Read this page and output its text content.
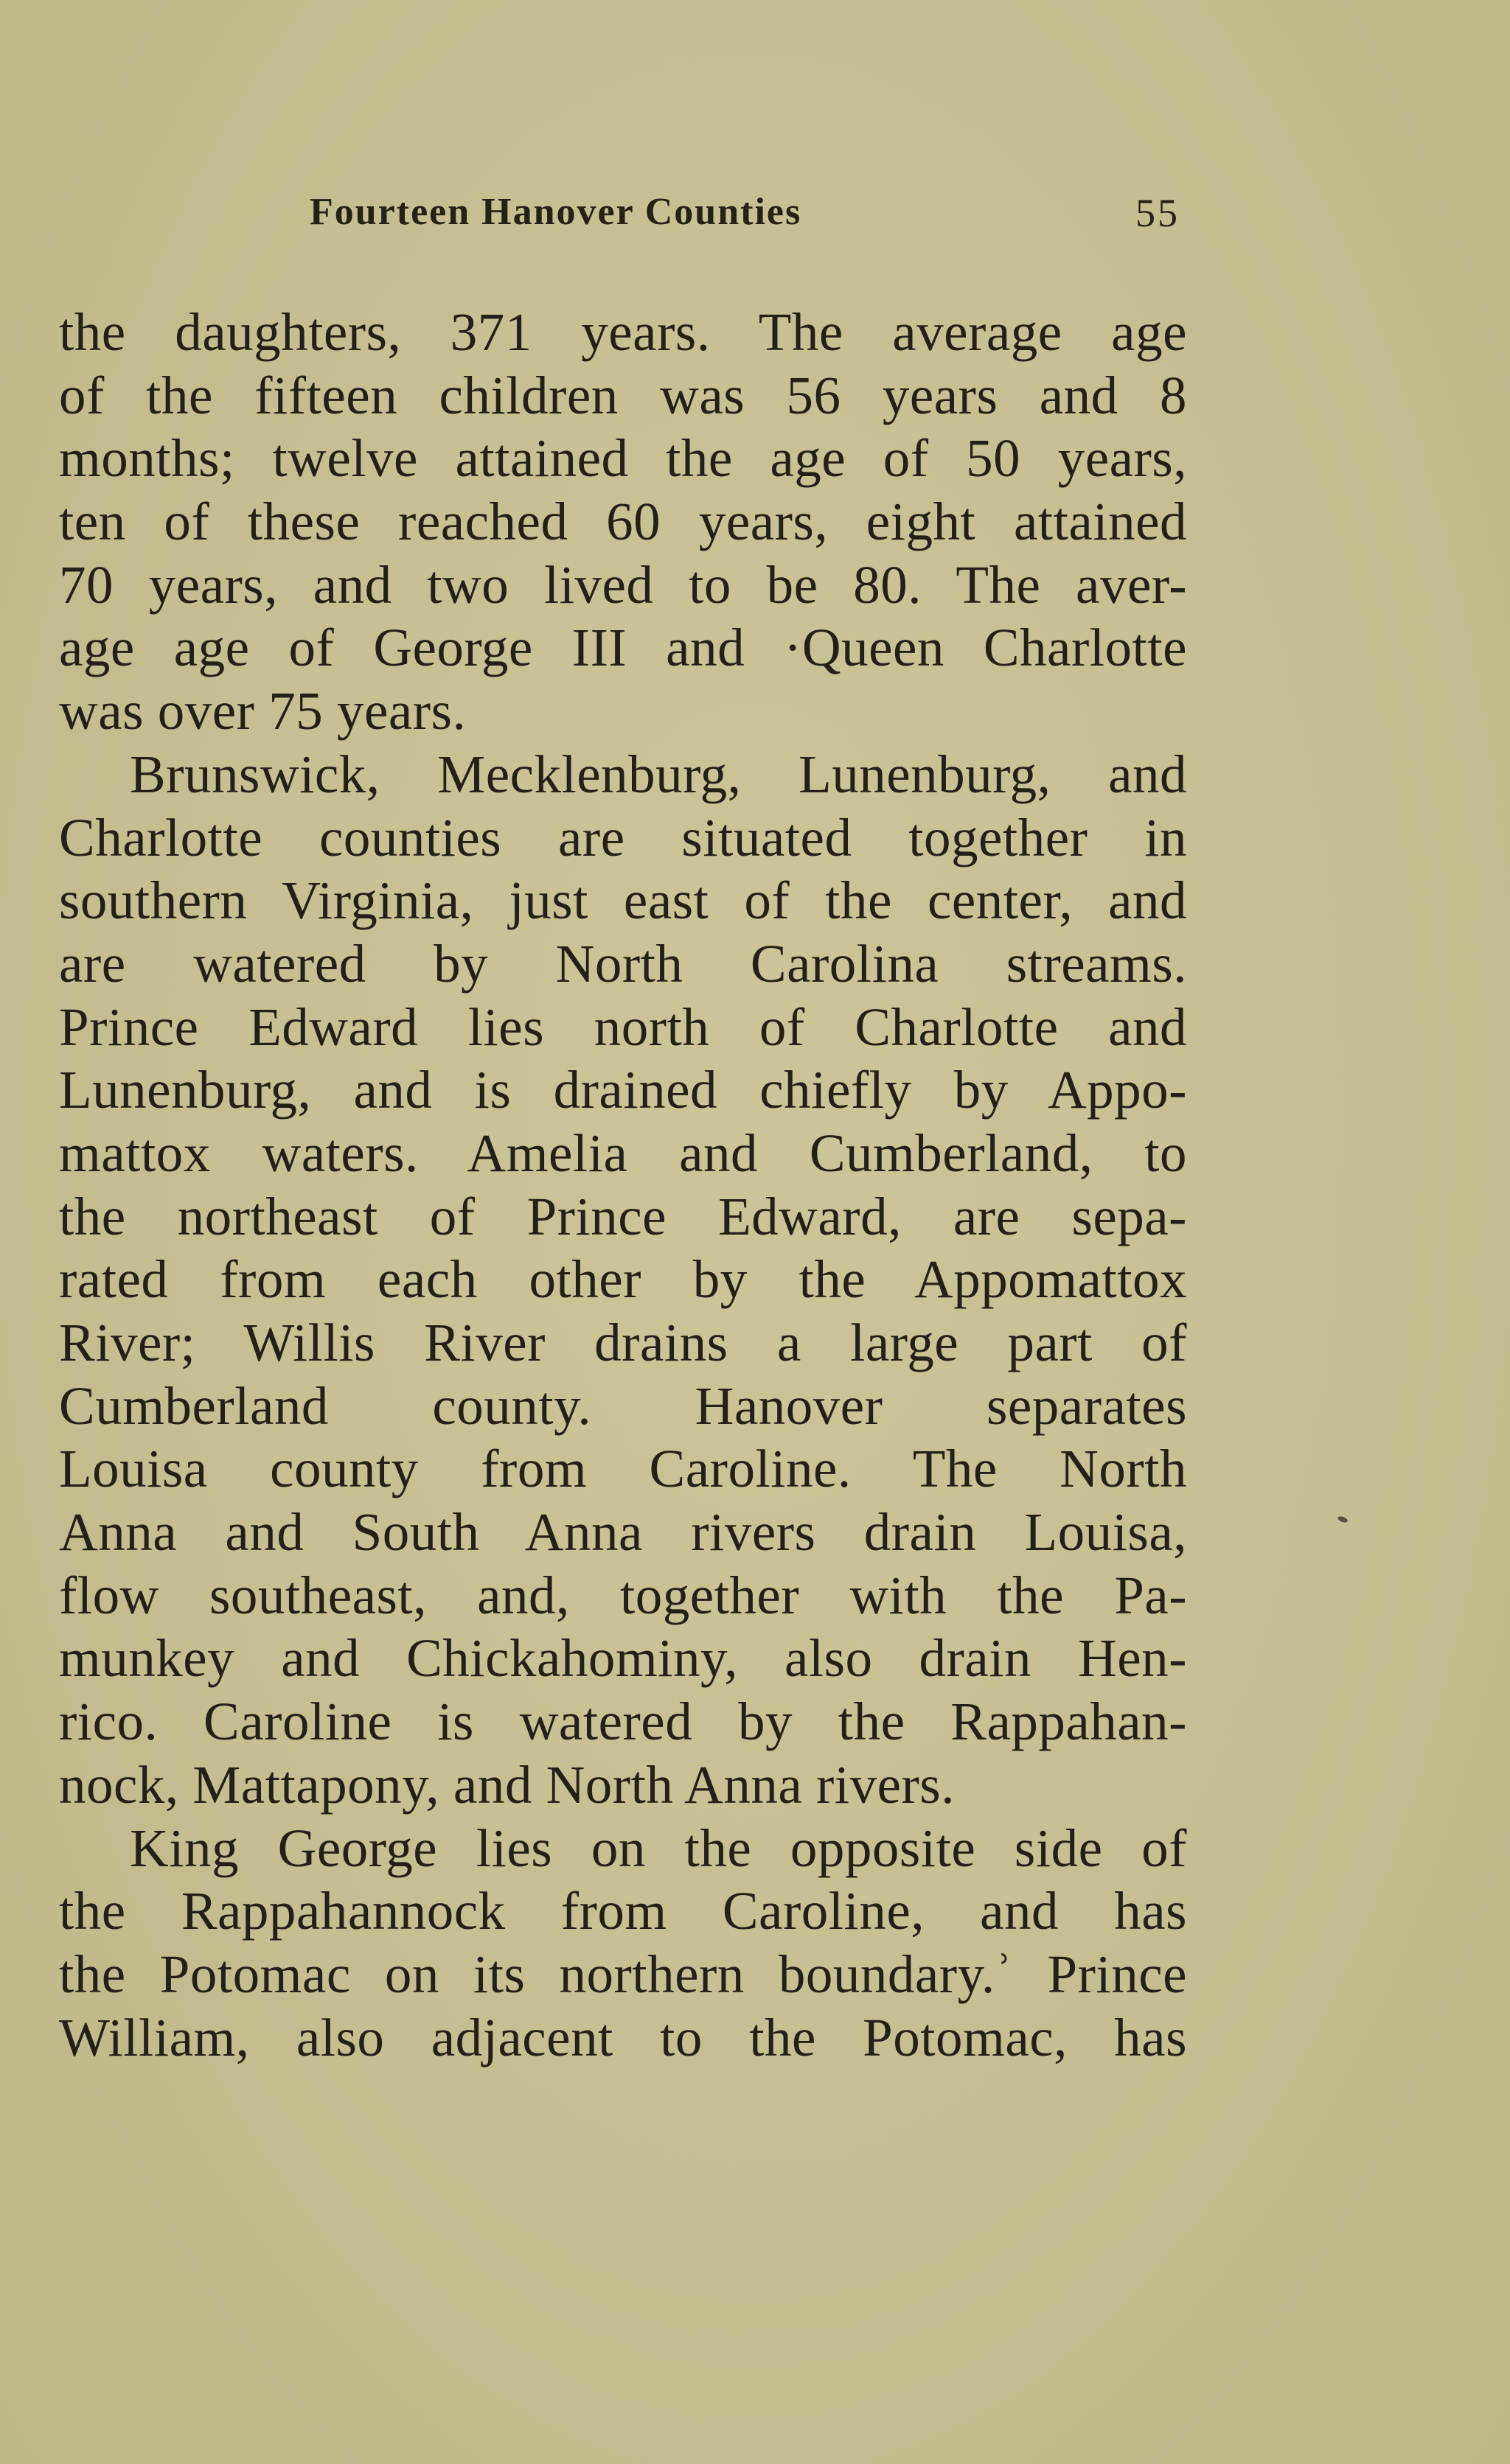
Fourteen Hanover Counties	55
the daughters, 371 years. The average age
of the fifteen children was 56 years and 8
months; twelve attained the age of 50 years,
ten of these reached 60 years, eight attained
70 years, and two lived to be 80. The aver-
age age of George III and ·Queen Charlotte
was over 75 years.
Brunswick, Mecklenburg, Lunenburg, and
Charlotte counties are situated together in
southern Virginia, just east of the center, and
are watered by North Carolina streams.
Prince Edward lies north of Charlotte and
Lunenburg, and is drained chiefly by Appo-
mattox waters. Amelia and Cumberland, to
the northeast of Prince Edward, are sepa-
rated from each other by the Appomattox
River; Willis River drains a large part of
Cumberland county. Hanover separates
Louisa county from Caroline. The North
Anna and South Anna rivers drain Louisa,
flow southeast, and, together with the Pa-
munkey and Chickahominy, also drain Hen-
rico. Caroline is watered by the Rappahan-
nock, Mattapony, and North Anna rivers.
King George lies on the opposite side of
the Rappahannock from Caroline, and has
the Potomac on its northern boundary.ʾ Prince
William, also adjacent to the Potomac, has
